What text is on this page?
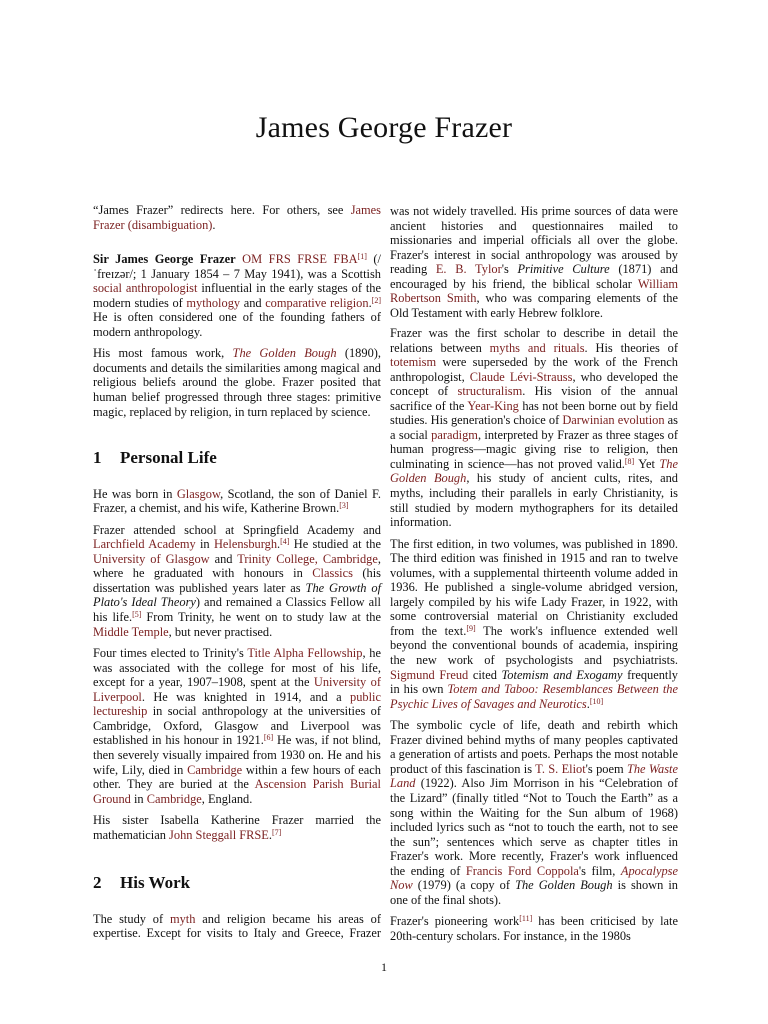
James George Frazer

“James Frazer” redirects here. For others, see James Frazer (disambiguation).

Sir James George Frazer OM FRS FRSE FBA[1] (/ˈfreɪzər/; 1 January 1854 – 7 May 1941), was a Scottish social anthropologist influential in the early stages of the modern studies of mythology and comparative religion.[2] He is often considered one of the founding fathers of modern anthropology.

His most famous work, The Golden Bough (1890), documents and details the similarities among magical and religious beliefs around the globe. Frazer posited that human belief progressed through three stages: primitive magic, replaced by religion, in turn replaced by science.

1 Personal Life

He was born in Glasgow, Scotland, the son of Daniel F. Frazer, a chemist, and his wife, Katherine Brown.[3]

Frazer attended school at Springfield Academy and Larchfield Academy in Helensburgh.[4] He studied at the University of Glasgow and Trinity College, Cambridge, where he graduated with honours in Classics (his dissertation was published years later as The Growth of Plato's Ideal Theory) and remained a Classics Fellow all his life.[5] From Trinity, he went on to study law at the Middle Temple, but never practised.

Four times elected to Trinity's Title Alpha Fellowship, he was associated with the college for most of his life, except for a year, 1907–1908, spent at the University of Liverpool. He was knighted in 1914, and a public lectureship in social anthropology at the universities of Cambridge, Oxford, Glasgow and Liverpool was established in his honour in 1921.[6] He was, if not blind, then severely visually impaired from 1930 on. He and his wife, Lily, died in Cambridge within a few hours of each other. They are buried at the Ascension Parish Burial Ground in Cambridge, England.

His sister Isabella Katherine Frazer married the mathematician John Steggall FRSE.[7]

2 His Work

The study of myth and religion became his areas of expertise. Except for visits to Italy and Greece, Frazer

was not widely travelled. His prime sources of data were ancient histories and questionnaires mailed to missionaries and imperial officials all over the globe. Frazer's interest in social anthropology was aroused by reading E. B. Tylor's Primitive Culture (1871) and encouraged by his friend, the biblical scholar William Robertson Smith, who was comparing elements of the Old Testament with early Hebrew folklore.

Frazer was the first scholar to describe in detail the relations between myths and rituals. His theories of totemism were superseded by the work of the French anthropologist, Claude Lévi-Strauss, who developed the concept of structuralism. His vision of the annual sacrifice of the Year-King has not been borne out by field studies. His generation's choice of Darwinian evolution as a social paradigm, interpreted by Frazer as three stages of human progress—magic giving rise to religion, then culminating in science—has not proved valid.[8] Yet The Golden Bough, his study of ancient cults, rites, and myths, including their parallels in early Christianity, is still studied by modern mythographers for its detailed information.

The first edition, in two volumes, was published in 1890. The third edition was finished in 1915 and ran to twelve volumes, with a supplemental thirteenth volume added in 1936. He published a single-volume abridged version, largely compiled by his wife Lady Frazer, in 1922, with some controversial material on Christianity excluded from the text.[9] The work's influence extended well beyond the conventional bounds of academia, inspiring the new work of psychologists and psychiatrists. Sigmund Freud cited Totemism and Exogamy frequently in his own Totem and Taboo: Resemblances Between the Psychic Lives of Savages and Neurotics.[10]

The symbolic cycle of life, death and rebirth which Frazer divined behind myths of many peoples captivated a generation of artists and poets. Perhaps the most notable product of this fascination is T. S. Eliot's poem The Waste Land (1922). Also Jim Morrison in his “Celebration of the Lizard” (finally titled “Not to Touch the Earth” as a song within the Waiting for the Sun album of 1968) included lyrics such as “not to touch the earth, not to see the sun”; sentences which serve as chapter titles in Frazer's work. More recently, Frazer's work influenced the ending of Francis Ford Coppola's film, Apocalypse Now (1979) (a copy of The Golden Bough is shown in one of the final shots).

Frazer's pioneering work[11] has been criticised by late 20th-century scholars. For instance, in the 1980s

1
